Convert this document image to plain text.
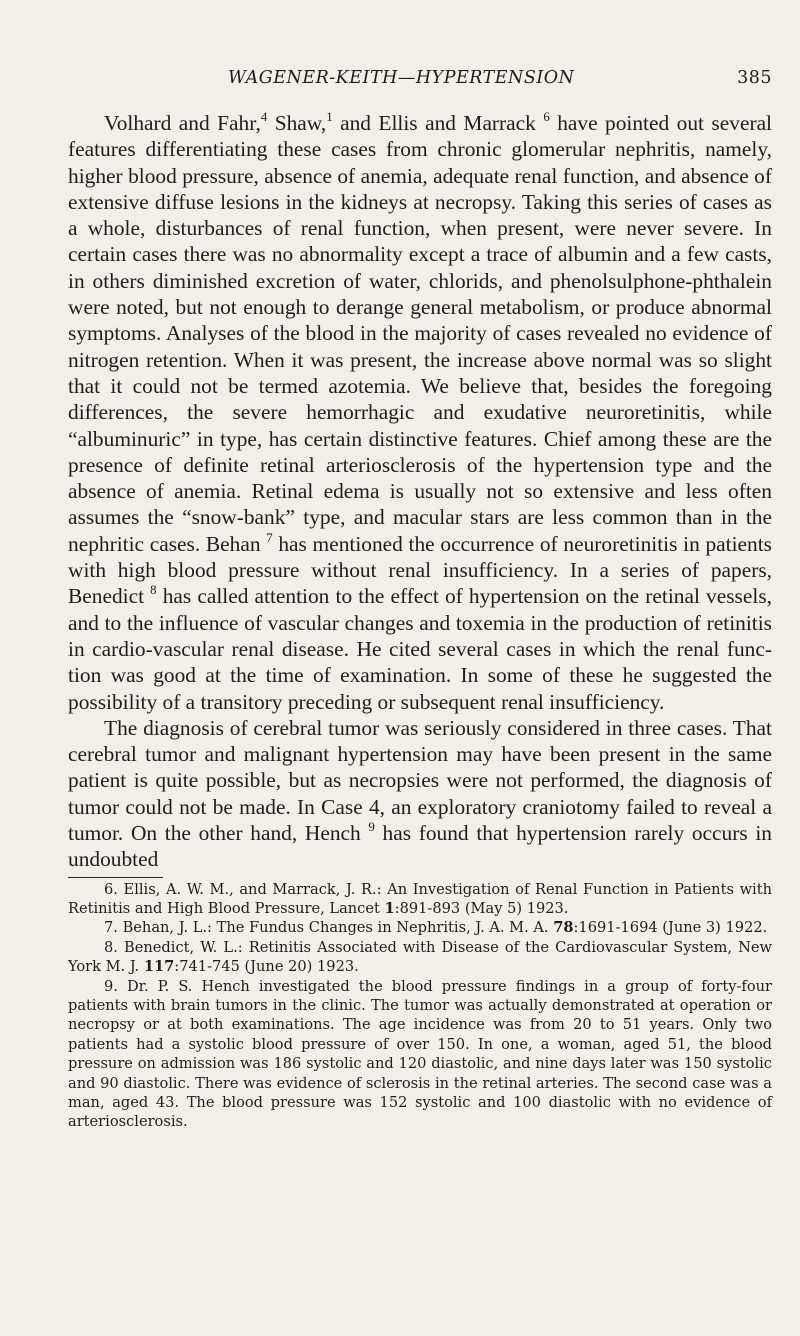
WAGENER-KEITH—HYPERTENSION	385

Volhard and Fahr,$^4$ Shaw,$^1$ and Ellis and Marrack $^6$ have pointed out several features differentiating these cases from chronic glomerular nephritis, namely, higher blood pressure, absence of anemia, adequate renal function, and absence of extensive diffuse lesions in the kidneys at necropsy. Taking this series of cases as a whole, disturbances of renal function, when present, were never severe. In certain cases there was no abnormality except a trace of albumin and a few casts, in others diminished excretion of water, chlorids, and phenolsulphone-phthalein were noted, but not enough to derange general metabolism, or produce abnormal symptoms. Analyses of the blood in the majority of cases revealed no evidence of nitrogen retention. When it was present, the increase above normal was so slight that it could not be termed azotemia. We believe that, besides the foregoing differences, the severe hemorrhagic and exudative neuroretinitis, while “albuminuric” in type, has certain distinctive features. Chief among these are the presence of definite retinal arteriosclerosis of the hypertension type and the absence of anemia. Retinal edema is usually not so extensive and less often assumes the “snow-bank” type, and macular stars are less common than in the nephritic cases. Behan $^7$ has mentioned the occurrence of neuroretinitis in patients with high blood pressure without renal insufficiency. In a series of papers, Benedict $^8$ has called attention to the effect of hypertension on the retinal vessels, and to the influence of vascular changes and toxemia in the production of retinitis in cardio-vascular renal disease. He cited several cases in which the renal func-tion was good at the time of examination. In some of these he suggested the possibility of a transitory preceding or subsequent renal insufficiency.

The diagnosis of cerebral tumor was seriously considered in three cases. That cerebral tumor and malignant hypertension may have been present in the same patient is quite possible, but as necropsies were not performed, the diagnosis of tumor could not be made. In Case 4, an exploratory craniotomy failed to reveal a tumor. On the other hand, Hench $^9$ has found that hypertension rarely occurs in undoubted

6. Ellis, A. W. M., and Marrack, J. R.: An Investigation of Renal Function in Patients with Retinitis and High Blood Pressure, Lancet 1:891-893 (May 5) 1923.

7. Behan, J. L.: The Fundus Changes in Nephritis, J. A. M. A. 78:1691-1694 (June 3) 1922.

8. Benedict, W. L.: Retinitis Associated with Disease of the Cardiovascular System, New York M. J. 117:741-745 (June 20) 1923.

9. Dr. P. S. Hench investigated the blood pressure findings in a group of forty-four patients with brain tumors in the clinic. The tumor was actually demonstrated at operation or necropsy or at both examinations. The age incidence was from 20 to 51 years. Only two patients had a systolic blood pressure of over 150. In one, a woman, aged 51, the blood pressure on admission was 186 systolic and 120 diastolic, and nine days later was 150 systolic and 90 diastolic. There was evidence of sclerosis in the retinal arteries. The second case was a man, aged 43. The blood pressure was 152 systolic and 100 diastolic with no evidence of arteriosclerosis.
